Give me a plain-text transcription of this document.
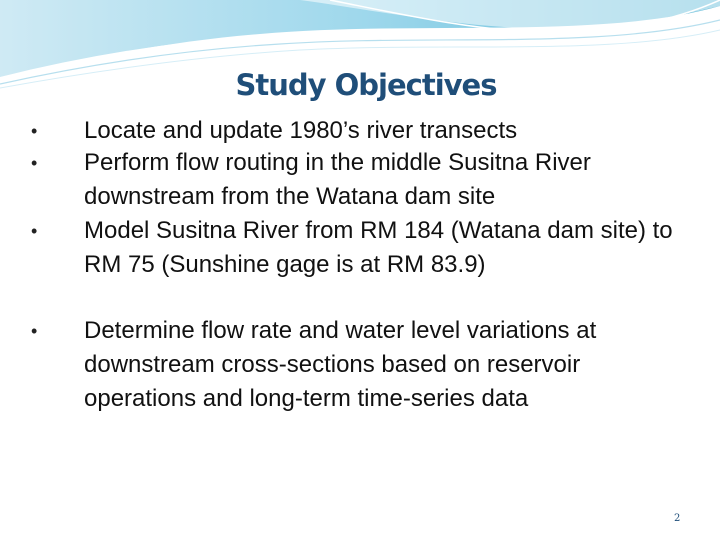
Study Objectives
• Locate and update 1980’s river transects
• Perform flow routing in the middle Susitna River downstream from the Watana dam site
• Model Susitna River from RM 184 (Watana dam site) to RM 75 (Sunshine gage is at RM 83.9)
• Determine flow rate and water level variations at downstream cross-sections based on reservoir operations and long-term time-series data
2
